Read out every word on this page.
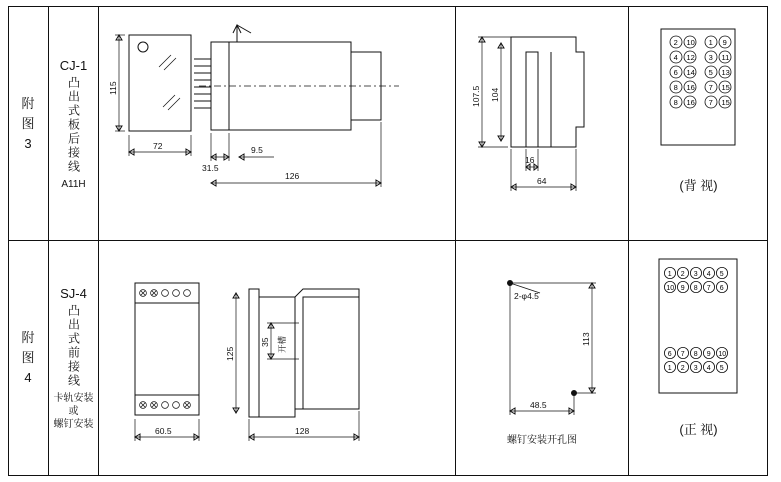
附
图
3
CJ-1
凸出式板后接线
A11H
115
72
31.5
9.5
126
107.5 104
16
64
2 10
4 12
6 14
8 16
8 16
1 9
3 11
5 13
7 15
7 15
(背 视)
附
图
4
SJ-4
凸出式前接线
卡轨安装
或
螺钉安装
60.5
125
35 开槽
128
2-φ4.5
113
48.5
螺钉安装开孔图
1 2 3 4 5
10 9 8 7 6
6 7 8 9 10
1 2 3 4 5
(正 视)
